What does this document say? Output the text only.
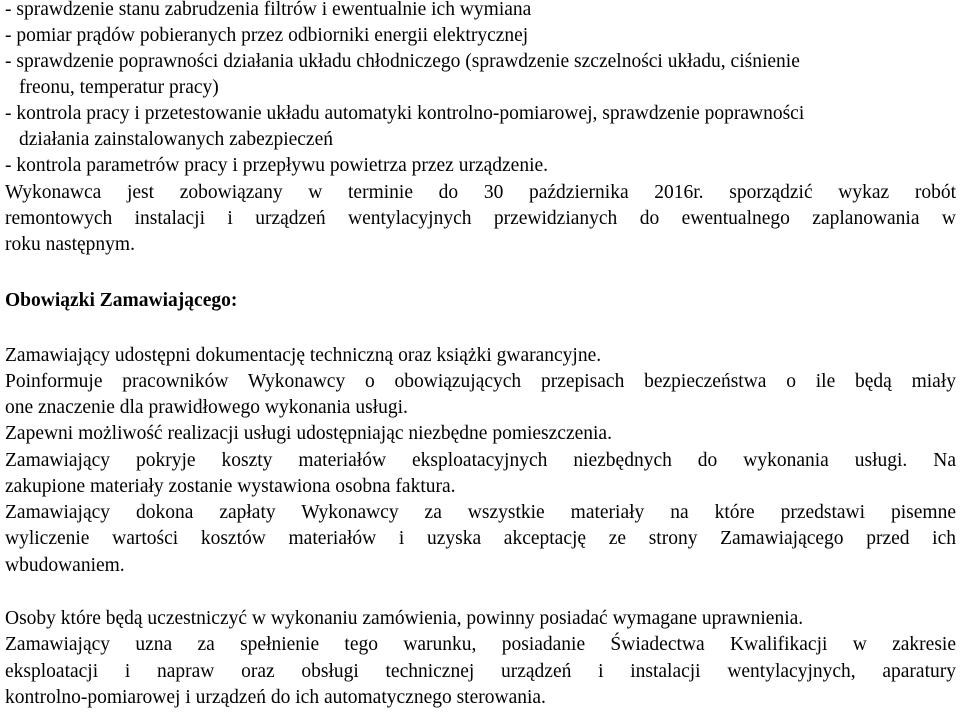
- sprawdzenie stanu zabrudzenia filtrów i ewentualnie ich wymiana
- pomiar prądów pobieranych przez odbiorniki energii elektrycznej
- sprawdzenie poprawności działania układu chłodniczego (sprawdzenie szczelności układu, ciśnienie
freonu, temperatur pracy)
- kontrola pracy i przetestowanie układu automatyki kontrolno-pomiarowej, sprawdzenie poprawności
działania zainstalowanych zabezpieczeń
- kontrola parametrów pracy i przepływu powietrza przez urządzenie.
Wykonawca jest zobowiązany w terminie do 30 października 2016r. sporządzić wykaz robót
remontowych instalacji i urządzeń wentylacyjnych przewidzianych do ewentualnego zaplanowania w
roku następnym.
Obowiązki Zamawiającego:
Zamawiający udostępni dokumentację techniczną oraz książki gwarancyjne.
Poinformuje pracowników Wykonawcy o obowiązujących przepisach bezpieczeństwa o ile będą miały
one znaczenie dla prawidłowego wykonania usługi.
Zapewni możliwość realizacji usługi udostępniając niezbędne pomieszczenia.
Zamawiający pokryje koszty materiałów eksploatacyjnych niezbędnych do wykonania usługi. Na
zakupione materiały zostanie wystawiona osobna faktura.
Zamawiający dokona zapłaty Wykonawcy za wszystkie materiały na które przedstawi pisemne
wyliczenie wartości kosztów materiałów i uzyska akceptację ze strony Zamawiającego przed ich
wbudowaniem.
Osoby które będą uczestniczyć w wykonaniu zamówienia, powinny posiadać wymagane uprawnienia.
Zamawiający uzna za spełnienie tego warunku, posiadanie Świadectwa Kwalifikacji w zakresie
eksploatacji i napraw oraz obsługi technicznej urządzeń i instalacji wentylacyjnych, aparatury
kontrolno-pomiarowej i urządzeń do ich automatycznego sterowania.
